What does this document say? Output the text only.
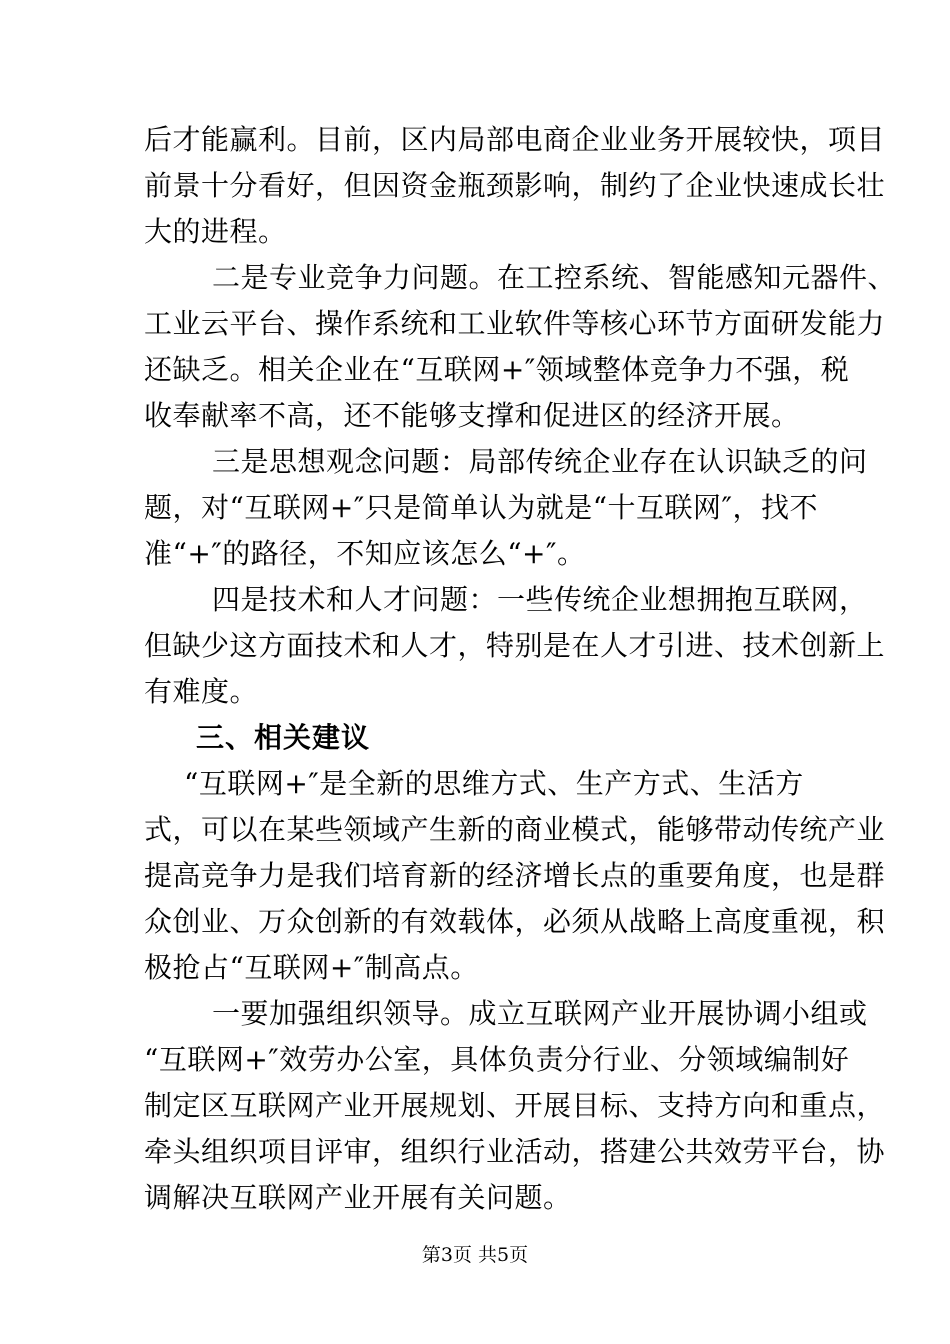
后才能赢利。目前，区内局部电商企业业务开展较快，项目
前景十分看好，但因资金瓶颈影响，制约了企业快速成长壮
大的进程。
二是专业竞争力问题。在工控系统、智能感知元器件、
工业云平台、操作系统和工业软件等核心环节方面研发能力
还缺乏。相关企业在“互联网+″领域整体竞争力不强，税
收奉献率不高，还不能够支撑和促进区的经济开展。
三是思想观念问题：局部传统企业存在认识缺乏的问
题，对“互联网+″只是简单认为就是“十互联网″，找不
准“+″的路径，不知应该怎么“+″。
四是技术和人才问题：一些传统企业想拥抱互联网，
但缺少这方面技术和人才，特别是在人才引进、技术创新上
有难度。
三、相关建议
“互联网+″是全新的思维方式、生产方式、生活方
式，可以在某些领域产生新的商业模式，能够带动传统产业
提高竞争力是我们培育新的经济增长点的重要角度，也是群
众创业、万众创新的有效载体，必须从战略上高度重视，积
极抢占“互联网+″制高点。
一要加强组织领导。成立互联网产业开展协调小组或
“互联网+″效劳办公室，具体负责分行业、分领域编制好
制定区互联网产业开展规划、开展目标、支持方向和重点，
牵头组织项目评审，组织行业活动，搭建公共效劳平台，协
调解决互联网产业开展有关问题。
第3页 共5页
